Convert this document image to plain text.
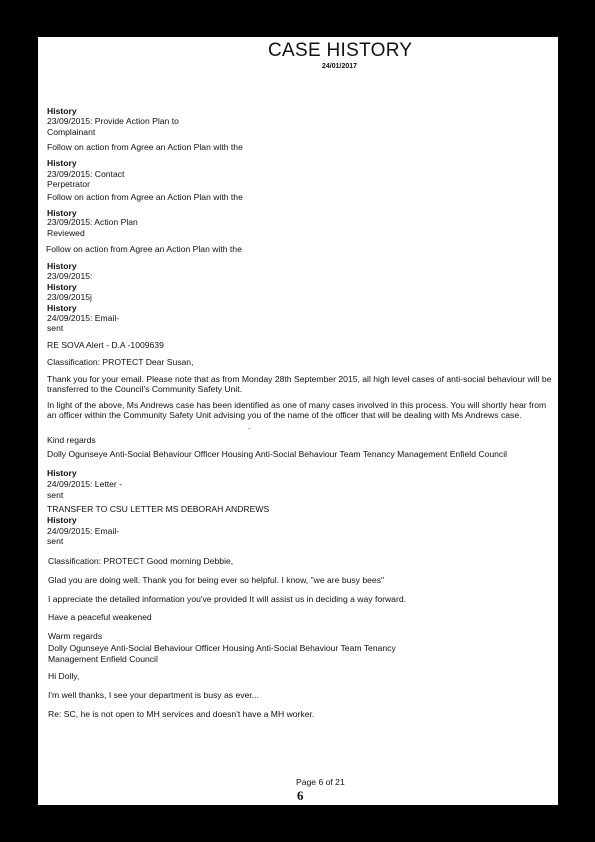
CASE HISTORY
24/01/2017
History
23/09/2015: Provide Action Plan to
Complainant
Follow on action from Agree an Action Plan with the
History
23/09/2015: Contact
Perpetrator
Follow on action from Agree an Action Plan with the
History
23/09/2015: Action Plan
Reviewed
Follow on action from Agree an Action Plan with the
History
23/09/2015:
History
23/09/2015j
History
24/09/2015: Email-
sent
RE SOVA Alert - D.A -1009639
Classification: PROTECT Dear Susan,
Thank you for your email. Please note that as from Monday 28th September 2015, all high level cases of anti-social behaviour will be transferred to the Council's Community Safety Unit.
In light of the above, Ms Andrews case has been identified as one of many cases involved in this process. You will shortly hear from an officer within the Community Safety Unit advising you of the name of the officer that will be dealing with Ms Andrews case.
.
Kind regards
Dolly Ogunseye Anti-Social Behaviour Officer Housing Anti-Social Behaviour Team Tenancy Management Enfield Council
History
24/09/2015: Letter -
sent
TRANSFER TO CSU LETTER MS DEBORAH ANDREWS
History
24/09/2015: Email-
sent
Classification: PROTECT Good morning Debbie,
Glad you are doing well. Thank you for being ever so helpful. I know, "we are busy bees"
I appreciate the detailed information you've provided It will assist us in deciding a way forward.
Have a peaceful weakened
Warm regards
Dolly Ogunseye Anti-Social Behaviour Officer Housing Anti-Social Behaviour Team Tenancy
Management Enfield Council
Hi Dolly,
I'm well thanks, I see your department is busy as ever...
Re: SC, he is not open to MH services and doesn't have a MH worker.
Page 6 of 21
6
